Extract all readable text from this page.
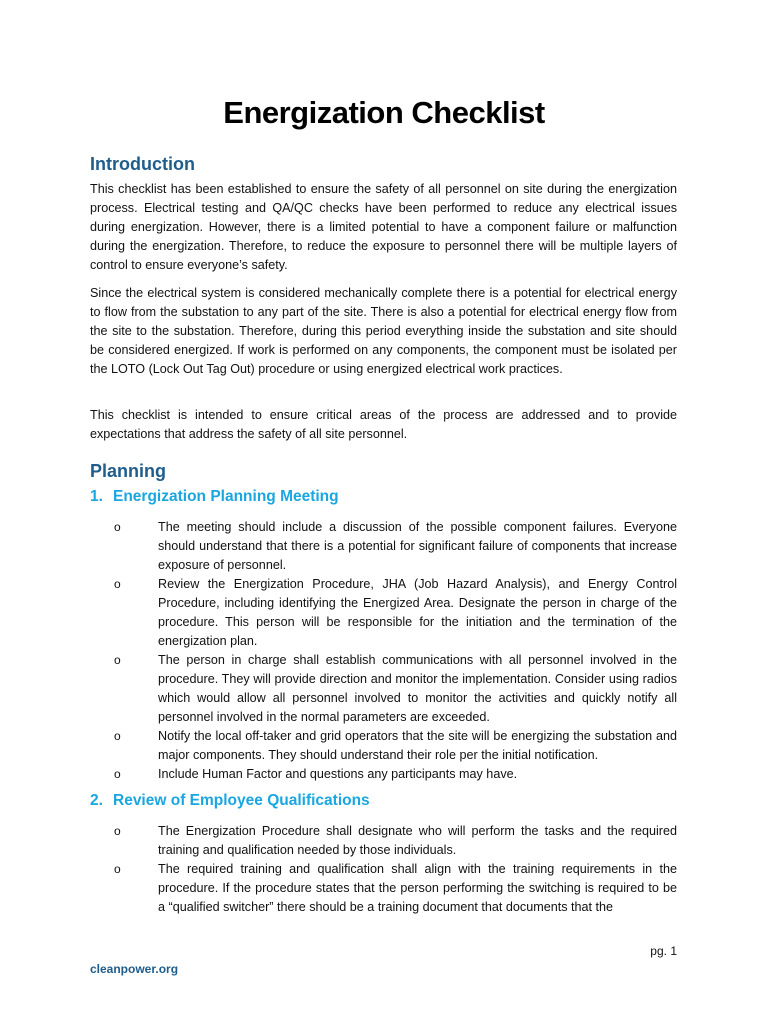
Energization Checklist
Introduction

This checklist has been established to ensure the safety of all personnel on site during the energization process. Electrical testing and QA/QC checks have been performed to reduce any electrical issues during energization. However, there is a limited potential to have a component failure or malfunction during the energization. Therefore, to reduce the exposure to personnel there will be multiple layers of control to ensure everyone’s safety.

Since the electrical system is considered mechanically complete there is a potential for electrical energy to flow from the substation to any part of the site. There is also a potential for electrical energy flow from the site to the substation. Therefore, during this period everything inside the substation and site should be considered energized. If work is performed on any components, the component must be isolated per the LOTO (Lock Out Tag Out) procedure or using energized electrical work practices.

This checklist is intended to ensure critical areas of the process are addressed and to provide expectations that address the safety of all site personnel.

Planning
1. Energization Planning Meeting
o	The meeting should include a discussion of the possible component failures. Everyone should understand that there is a potential for significant failure of components that increase exposure of personnel.
o	Review the Energization Procedure, JHA (Job Hazard Analysis), and Energy Control Procedure, including identifying the Energized Area. Designate the person in charge of the procedure. This person will be responsible for the initiation and the termination of the energization plan.
o	The person in charge shall establish communications with all personnel involved in the procedure. They will provide direction and monitor the implementation. Consider using radios which would allow all personnel involved to monitor the activities and quickly notify all personnel involved in the normal parameters are exceeded.
o	Notify the local off-taker and grid operators that the site will be energizing the substation and major components. They should understand their role per the initial notification.
o	Include Human Factor and questions any participants may have.
2. Review of Employee Qualifications
o	The Energization Procedure shall designate who will perform the tasks and the required training and qualification needed by those individuals.
o	The required training and qualification shall align with the training requirements in the procedure. If the procedure states that the person performing the switching is required to be a “qualified switcher” there should be a training document that documents that the
pg. 1
cleanpower.org
